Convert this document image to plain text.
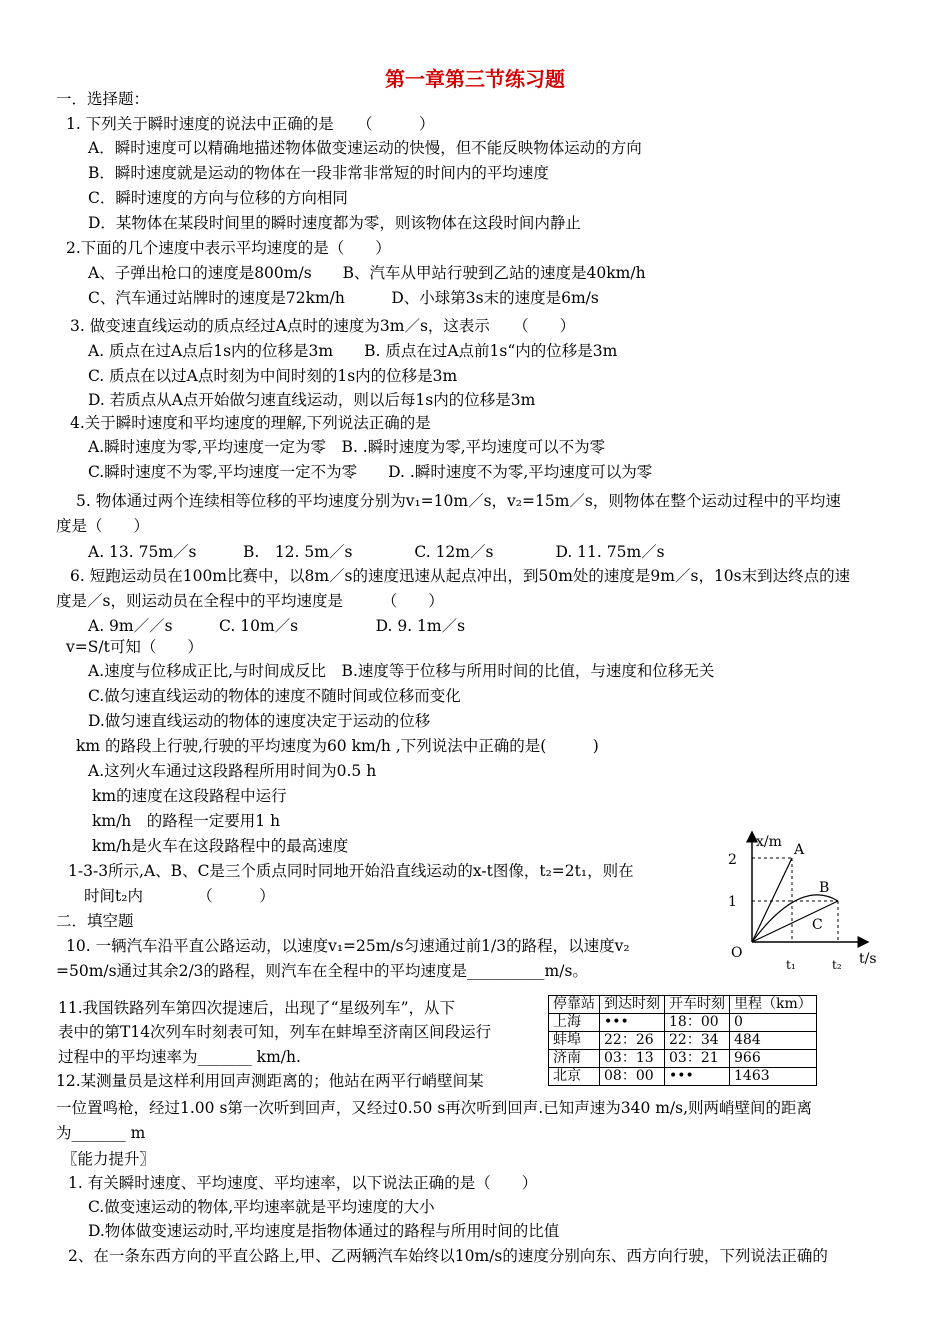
第一章第三节练习题
一．选择题：
1. 下列关于瞬时速度的说法中正确的是　　（　　　）
A．瞬时速度可以精确地描述物体做变速运动的快慢，但不能反映物体运动的方向
B．瞬时速度就是运动的物体在一段非常非常短的时间内的平均速度
C．瞬时速度的方向与位移的方向相同
D．某物体在某段时间里的瞬时速度都为零，则该物体在这段时间内静止
2.下面的几个速度中表示平均速度的是（　　）
A、子弹出枪口的速度是800m/s　　B、汽车从甲站行驶到乙站的速度是40km/h
C、汽车通过站牌时的速度是72km/h　　　D、小球第3s末的速度是6m/s
3. 做变速直线运动的质点经过A点时的速度为3m／s，这表示　　（　　）
A. 质点在过A点后1s内的位移是3m　　B. 质点在过A点前1s“内的位移是3m
C. 质点在以过A点时刻为中间时刻的1s内的位移是3m
D. 若质点从A点开始做匀速直线运动，则以后每1s内的位移是3m
4.关于瞬时速度和平均速度的理解,下列说法正确的是
A.瞬时速度为零,平均速度一定为零　B. .瞬时速度为零,平均速度可以不为零
C.瞬时速度不为零,平均速度一定不为零　　D. .瞬时速度不为零,平均速度可以为零
5. 物体通过两个连续相等位移的平均速度分别为v₁=10m／s，v₂=15m／s，则物体在整个运动过程中的平均速
度是（　　）
A. 13. 75m／s　　　B.　12. 5m／s　　　　C. 12m／s　　　　D. 11. 75m／s
6. 短跑运动员在100m比赛中，以8m／s的速度迅速从起点冲出，到50m处的速度是9m／s，10s末到达终点的速
度是／s，则运动员在全程中的平均速度是　　　（　　）
A. 9m／／s　　　C. 10m／s　　　　　D. 9. 1m／s
v=S/t可知（　　）
A.速度与位移成正比,与时间成反比　B.速度等于位移与所用时间的比值，与速度和位移无关
C.做匀速直线运动的物体的速度不随时间或位移而变化
D.做匀速直线运动的物体的速度决定于运动的位移
km 的路段上行驶,行驶的平均速度为60 km/h ,下列说法中正确的是(　　　)
A.这列火车通过这段路程所用时间为0.5 h
km的速度在这段路程中运行
km/h　的路程一定要用1 h
km/h是火车在这段路程中的最高速度
1-3-3所示,A、B、C是三个质点同时同地开始沿直线运动的x-t图像，t₂=2t₁，则在
时间t₂内　　　　（　　　）
二．填空题
10. 一辆汽车沿平直公路运动，以速度v₁=25m/s匀速通过前1/3的路程，以速度v₂
=50m/s通过其余2/3的路程，则汽车在全程中的平均速度是__________m/s。
11.我国铁路列车第四次提速后，出现了“星级列车”，从下
表中的第T14次列车时刻表可知，列车在蚌埠至济南区间段运行
过程中的平均速率为_______ km/h.
12.某测量员是这样利用回声测距离的；他站在两平行峭壁间某
一位置鸣枪，经过1.00 s第一次听到回声，又经过0.50 s再次听到回声.已知声速为340 m/s,则两峭壁间的距离
为_______ m
〖能力提升〗
1. 有关瞬时速度、平均速度、平均速率，以下说法正确的是（　　）
C.做变速运动的物体,平均速率就是平均速度的大小
D.物体做变速运动时,平均速度是指物体通过的路程与所用时间的比值
2、在一条东西方向的平直公路上,甲、乙两辆汽车始终以10m/s的速度分别向东、西方向行驶，下列说法正确的
停靠站	到达时刻	开车时刻	里程（km）
上海	•••	18：00	0
蚌埠	22：26	22：34	484
济南	03：13	03：21	966
北京	08：00	•••	1463
x/m
t/s
O
2
1
t₁	t₂
A
B
C
